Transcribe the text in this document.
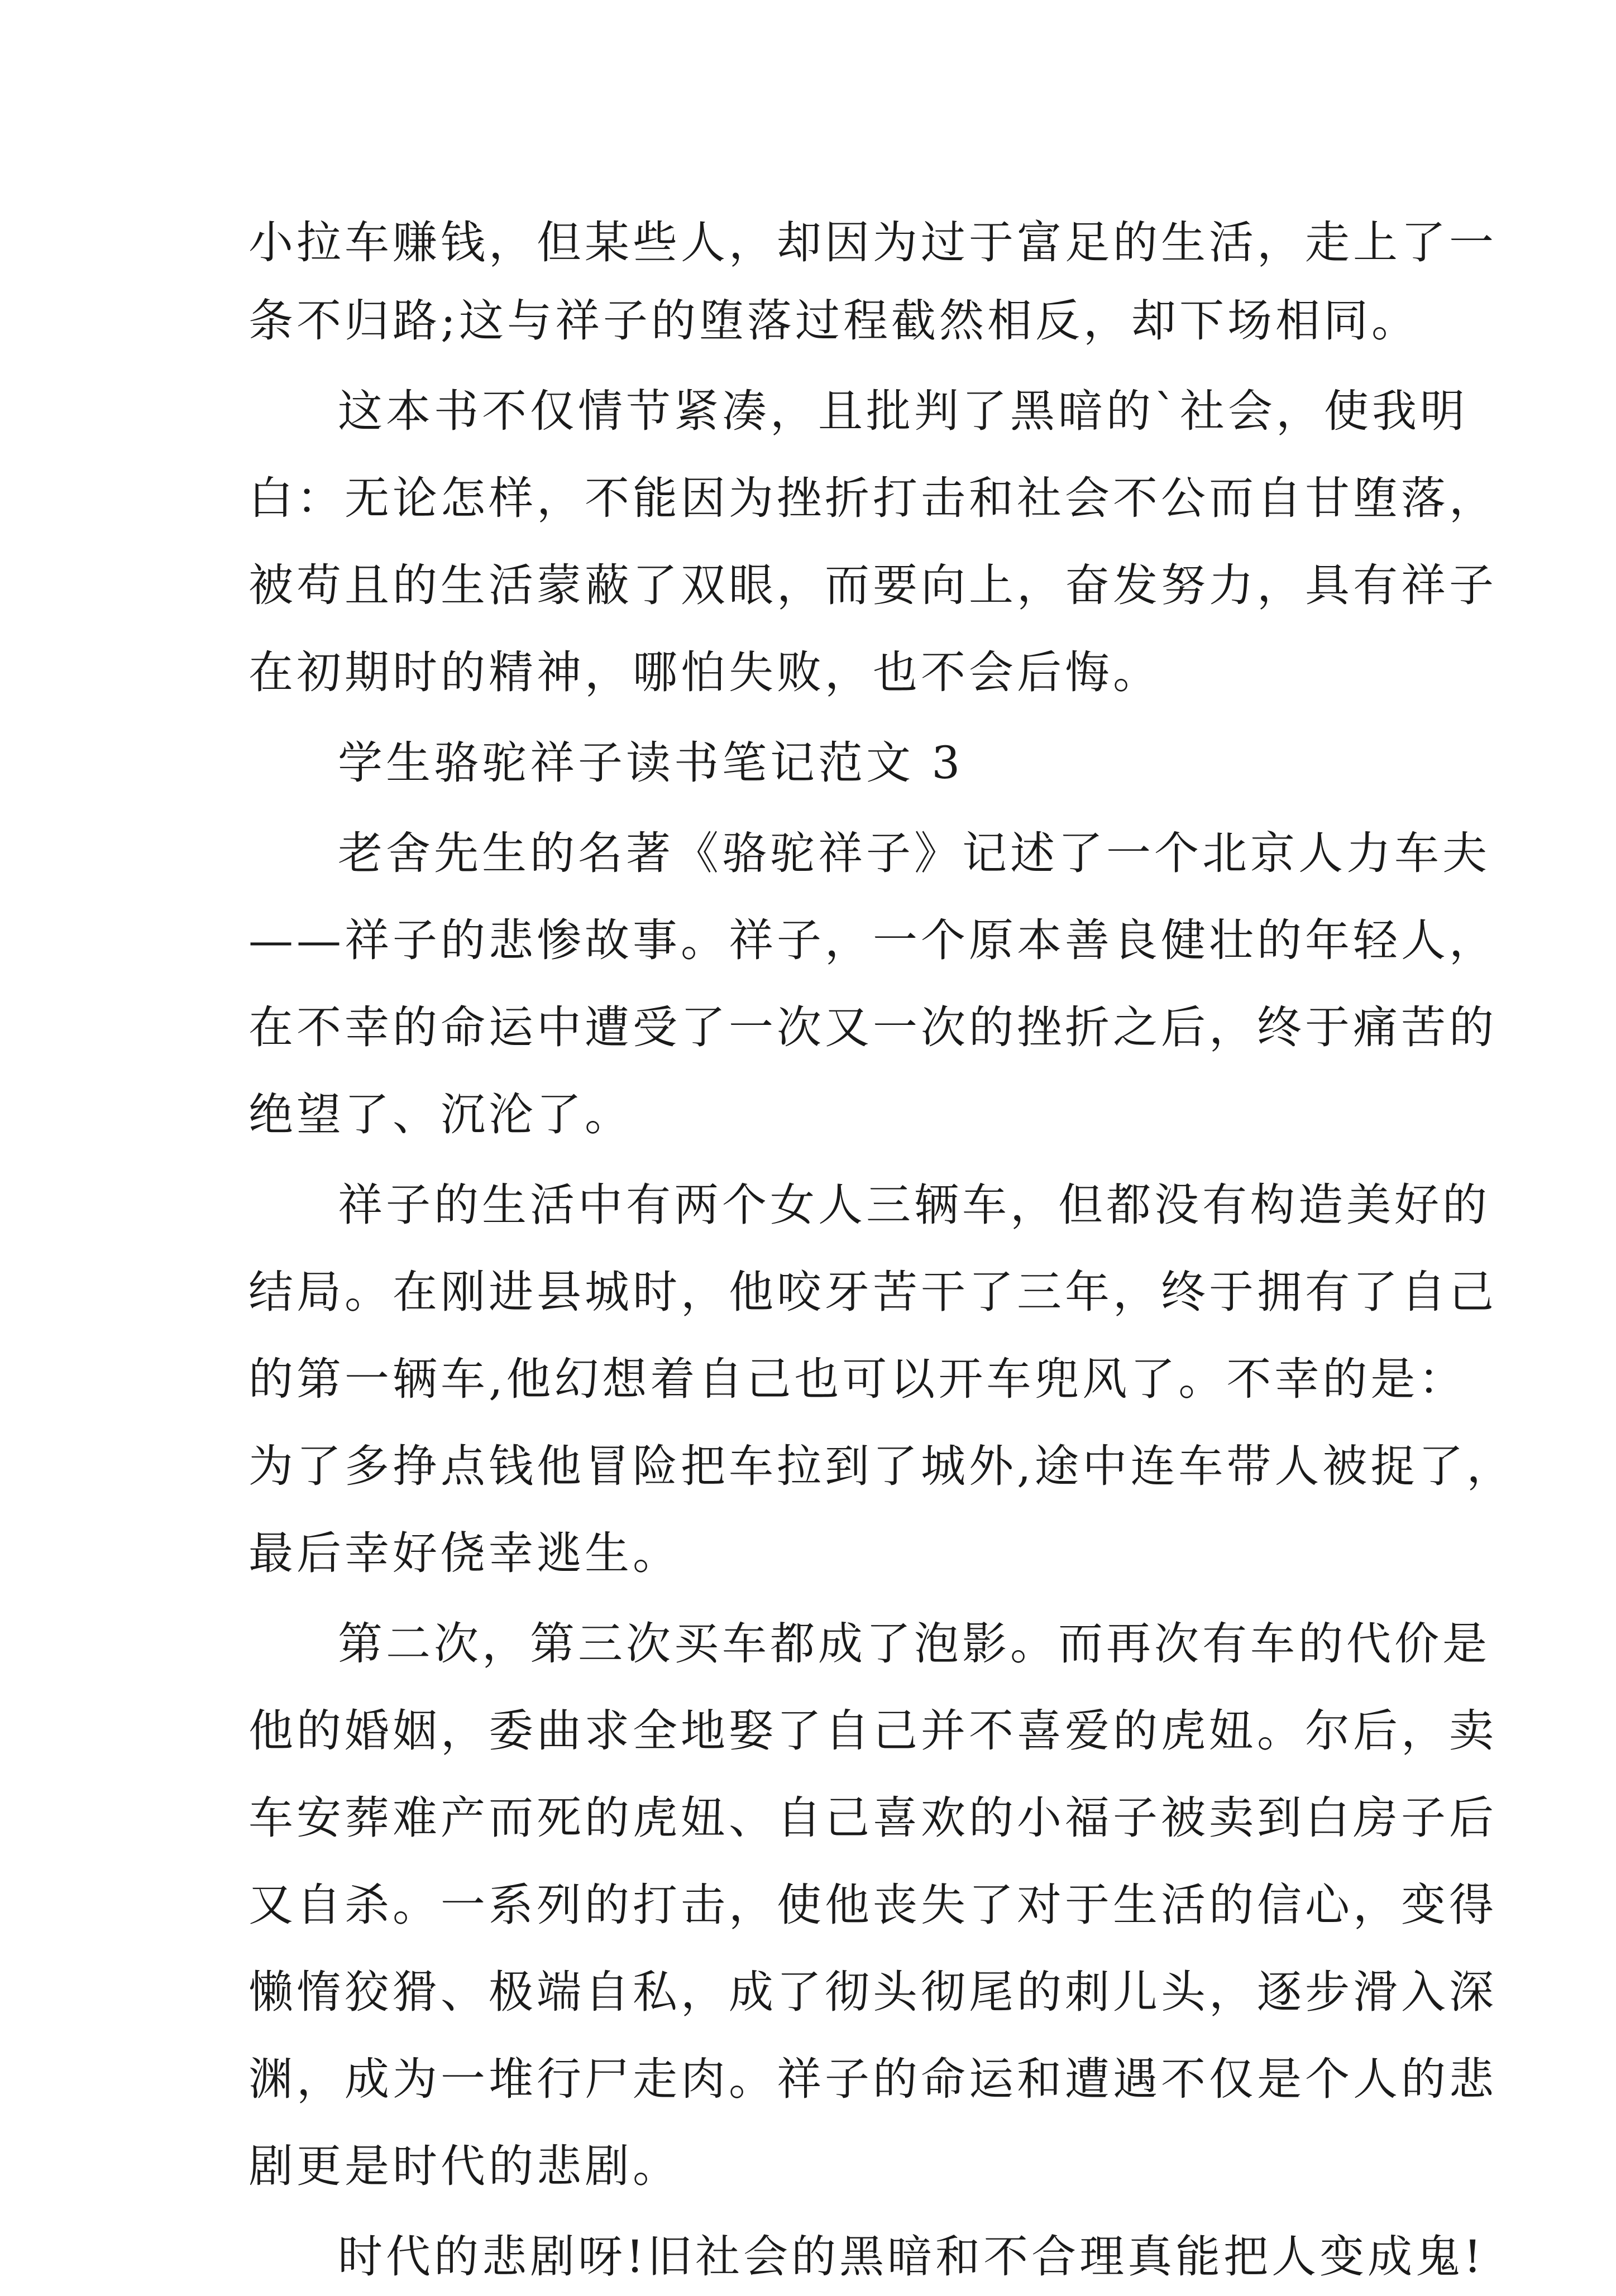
小拉车赚钱，但某些人，却因为过于富足的生活，走上了一
条不归路;这与祥子的堕落过程截然相反，却下场相同。
这本书不仅情节紧凑，且批判了黑暗的`社会，使我明
白：无论怎样，不能因为挫折打击和社会不公而自甘堕落，
被苟且的生活蒙蔽了双眼，而要向上，奋发努力，具有祥子
在初期时的精神，哪怕失败，也不会后悔。
学生骆驼祥子读书笔记范文 3
老舍先生的名著《骆驼祥子》记述了一个北京人力车夫
——祥子的悲惨故事。祥子，一个原本善良健壮的年轻人，
在不幸的命运中遭受了一次又一次的挫折之后，终于痛苦的
绝望了、沉沦了。
祥子的生活中有两个女人三辆车，但都没有构造美好的
结局。在刚进县城时，他咬牙苦干了三年，终于拥有了自己
的第一辆车,他幻想着自己也可以开车兜风了。不幸的是：
为了多挣点钱他冒险把车拉到了城外,途中连车带人被捉了，
最后幸好侥幸逃生。
第二次，第三次买车都成了泡影。而再次有车的代价是
他的婚姻，委曲求全地娶了自己并不喜爱的虎妞。尔后，卖
车安葬难产而死的虎妞、自己喜欢的小福子被卖到白房子后
又自杀。一系列的打击，使他丧失了对于生活的信心，变得
懒惰狡猾、极端自私，成了彻头彻尾的刺儿头，逐步滑入深
渊，成为一堆行尸走肉。祥子的命运和遭遇不仅是个人的悲
剧更是时代的悲剧。
时代的悲剧呀!旧社会的黑暗和不合理真能把人变成鬼!
